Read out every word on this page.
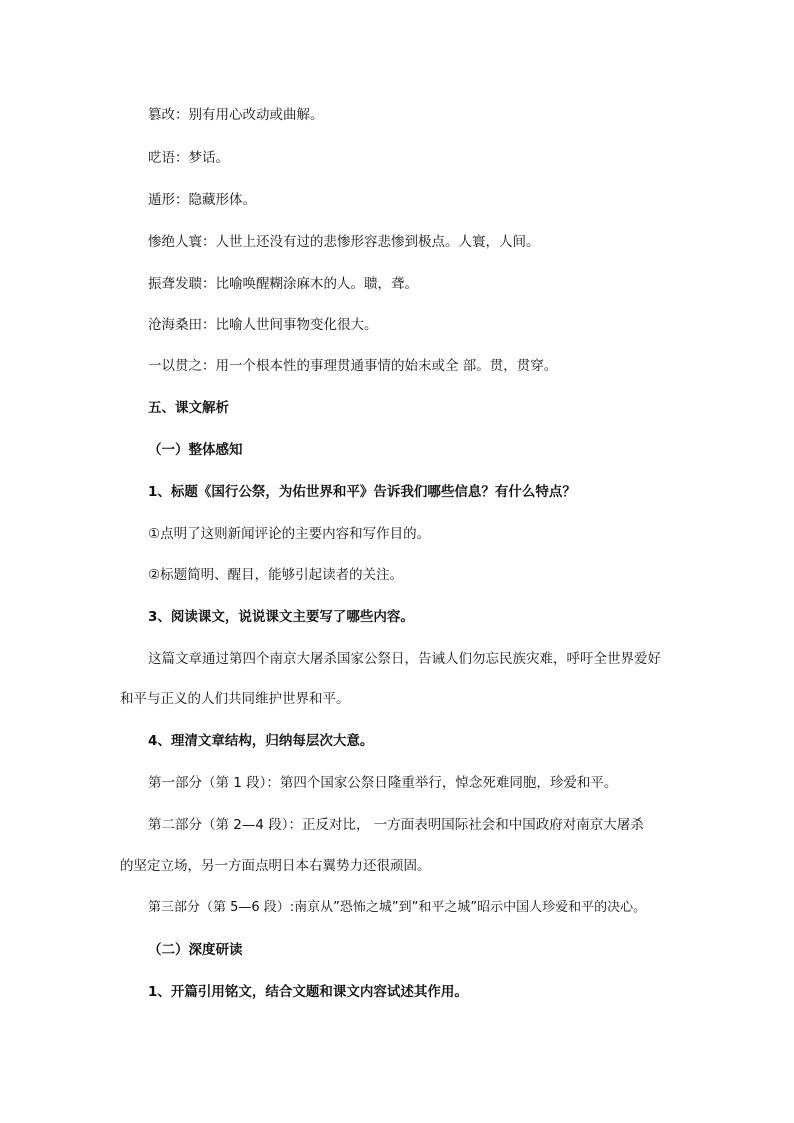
篡改：别有用心改动或曲解。
呓语：梦话。
遁形：隐藏形体。
惨绝人寰：人世上还没有过的悲惨形容悲惨到极点。人寰，人间。
振聋发聩：比喻唤醒糊涂麻木的人。聩，聋。
沧海桑田：比喻人世间事物变化很大。
一以贯之：用一个根本性的事理贯通事情的始末或全 部。贯，贯穿。
五、课文解析
（一）整体感知
1、标题《国行公祭，为佑世界和平》告诉我们哪些信息？有什么特点？
①点明了这则新闻评论的主要内容和写作目的。
②标题简明、醒目，能够引起读者的关注。
3、阅读课文，说说课文主要写了哪些内容。
这篇文章通过第四个南京大屠杀国家公祭日，告诫人们勿忘民族灾难，呼吁全世界爱好
和平与正义的人们共同维护世界和平。
4、理清文章结构，归纳每层次大意。
第一部分（第 1 段）：第四个国家公祭日隆重举行，悼念死难同胞，珍爱和平。
第二部分（第 2—4 段）：正反对比， 一方面表明国际社会和中国政府对南京大屠杀
的坚定立场，另一方面点明日本右翼势力还很顽固。
第三部分（第 5—6 段）:南京从”恐怖之城”到”和平之城”昭示中国人珍爱和平的决心。
（二）深度研读
1、开篇引用铭文，结合文题和课文内容试述其作用。
